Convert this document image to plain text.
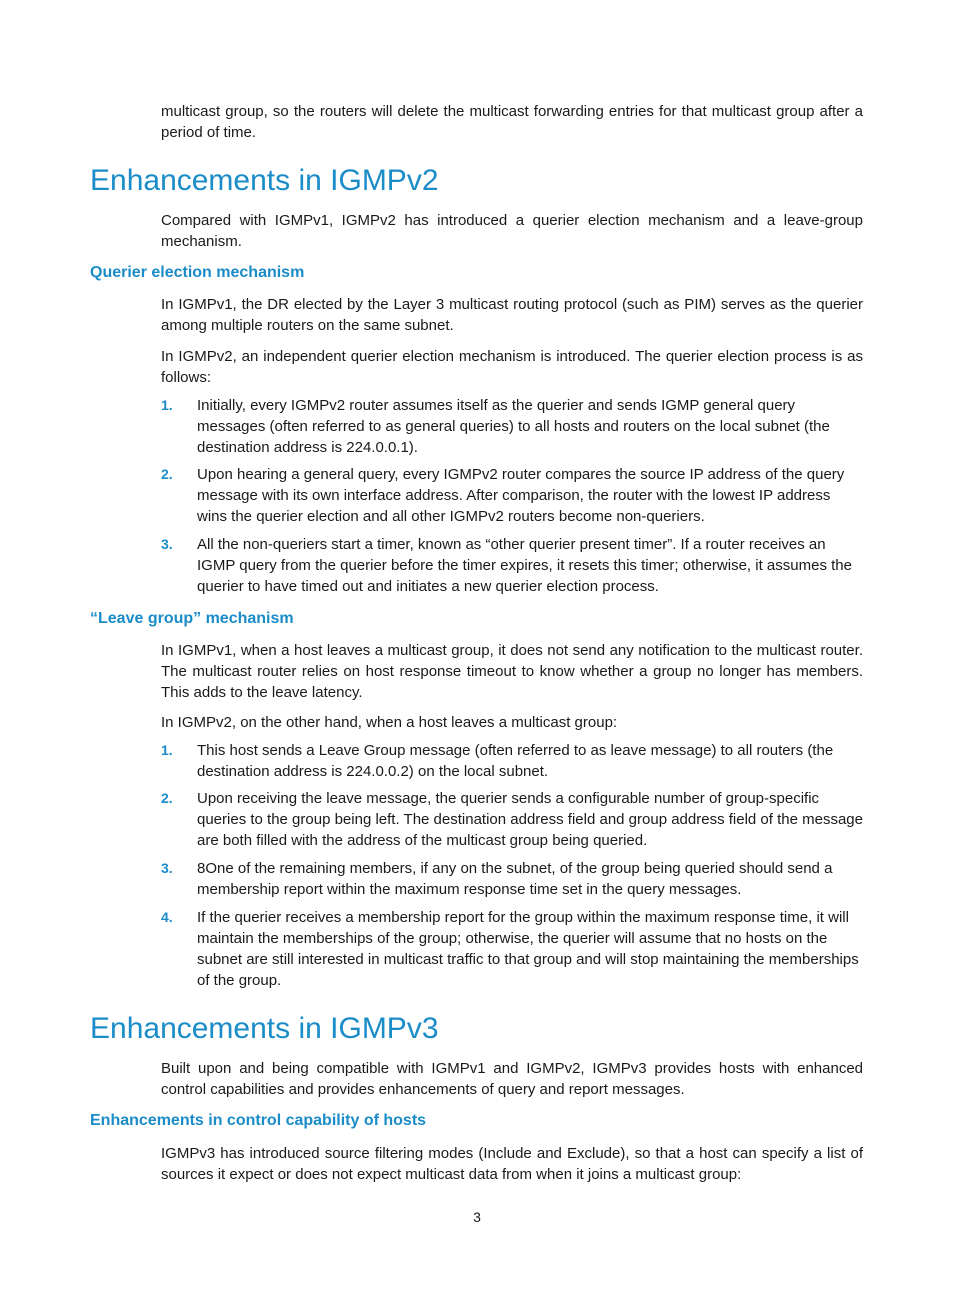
multicast group, so the routers will delete the multicast forwarding entries for that multicast group after a period of time.

Enhancements in IGMPv2

Compared with IGMPv1, IGMPv2 has introduced a querier election mechanism and a leave-group mechanism.

Querier election mechanism

In IGMPv1, the DR elected by the Layer 3 multicast routing protocol (such as PIM) serves as the querier among multiple routers on the same subnet.

In IGMPv2, an independent querier election mechanism is introduced. The querier election process is as follows:

1.	Initially, every IGMPv2 router assumes itself as the querier and sends IGMP general query messages (often referred to as general queries) to all hosts and routers on the local subnet (the destination address is 224.0.0.1).
2.	Upon hearing a general query, every IGMPv2 router compares the source IP address of the query message with its own interface address. After comparison, the router with the lowest IP address wins the querier election and all other IGMPv2 routers become non-queriers.
3.	All the non-queriers start a timer, known as “other querier present timer”. If a router receives an IGMP query from the querier before the timer expires, it resets this timer; otherwise, it assumes the querier to have timed out and initiates a new querier election process.
“Leave group” mechanism

In IGMPv1, when a host leaves a multicast group, it does not send any notification to the multicast router. The multicast router relies on host response timeout to know whether a group no longer has members. This adds to the leave latency.

In IGMPv2, on the other hand, when a host leaves a multicast group:

1.	This host sends a Leave Group message (often referred to as leave message) to all routers (the destination address is 224.0.0.2) on the local subnet.
2.	Upon receiving the leave message, the querier sends a configurable number of group-specific queries to the group being left. The destination address field and group address field of the message are both filled with the address of the multicast group being queried.
3.	8One of the remaining members, if any on the subnet, of the group being queried should send a membership report within the maximum response time set in the query messages.
4.	If the querier receives a membership report for the group within the maximum response time, it will maintain the memberships of the group; otherwise, the querier will assume that no hosts on the subnet are still interested in multicast traffic to that group and will stop maintaining the memberships of the group.
Enhancements in IGMPv3

Built upon and being compatible with IGMPv1 and IGMPv2, IGMPv3 provides hosts with enhanced control capabilities and provides enhancements of query and report messages.

Enhancements in control capability of hosts

IGMPv3 has introduced source filtering modes (Include and Exclude), so that a host can specify a list of sources it expect or does not expect multicast data from when it joins a multicast group:

3
